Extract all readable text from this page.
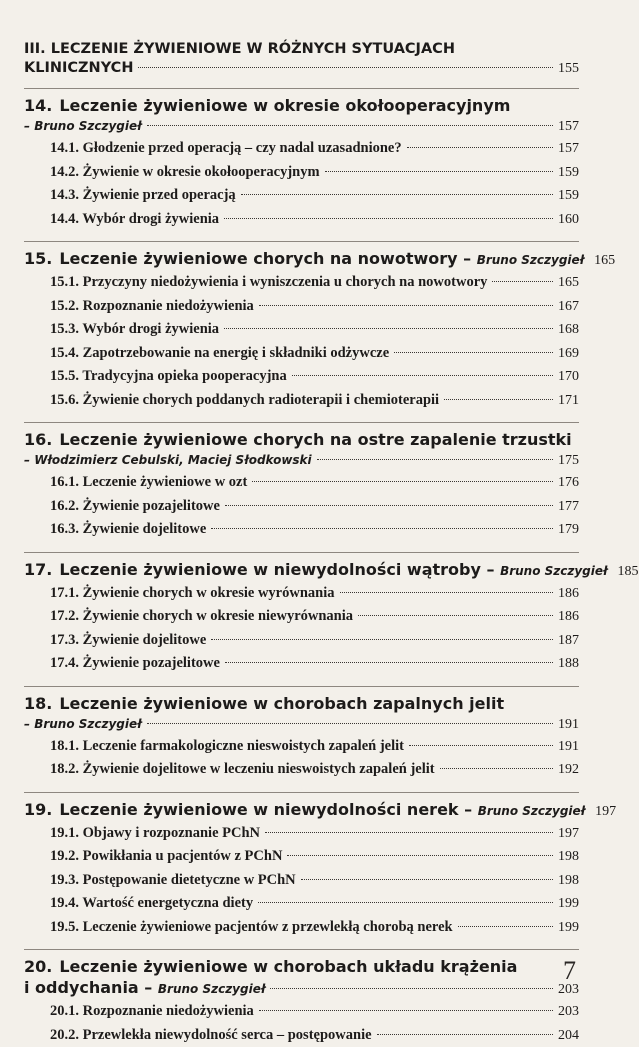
III. LECZENIE ŻYWIENIOWE W RÓŻNYCH SYTUACJACH
KLINICZNYCH	155
14. Leczenie żywieniowe w okresie okołooperacyjnym
– Bruno Szczygieł	157
14.1. Głodzenie przed operacją – czy nadal uzasadnione?	157
14.2. Żywienie w okresie okołooperacyjnym	159
14.3. Żywienie przed operacją	159
14.4. Wybór drogi żywienia	160
15. Leczenie żywieniowe chorych na nowotwory – Bruno Szczygieł 165
15.1. Przyczyny niedożywienia i wyniszczenia u chorych na nowotwory	165
15.2. Rozpoznanie niedożywienia	167
15.3. Wybór drogi żywienia	168
15.4. Zapotrzebowanie na energię i składniki odżywcze	169
15.5. Tradycyjna opieka pooperacyjna	170
15.6. Żywienie chorych poddanych radioterapii i chemioterapii	171
16. Leczenie żywieniowe chorych na ostre zapalenie trzustki
– Włodzimierz Cebulski, Maciej Słodkowski	175
16.1. Leczenie żywieniowe w ozt	176
16.2. Żywienie pozajelitowe	177
16.3. Żywienie dojelitowe	179
17. Leczenie żywieniowe w niewydolności wątroby – Bruno Szczygieł 185
17.1. Żywienie chorych w okresie wyrównania	186
17.2. Żywienie chorych w okresie niewyrównania	186
17.3. Żywienie dojelitowe	187
17.4. Żywienie pozajelitowe	188
18. Leczenie żywieniowe w chorobach zapalnych jelit
– Bruno Szczygieł	191
18.1. Leczenie farmakologiczne nieswoistych zapaleń jelit	191
18.2. Żywienie dojelitowe w leczeniu nieswoistych zapaleń jelit	192
19. Leczenie żywieniowe w niewydolności nerek – Bruno Szczygieł 197
19.1. Objawy i rozpoznanie PChN	197
19.2. Powikłania u pacjentów z PChN	198
19.3. Postępowanie dietetyczne w PChN	198
19.4. Wartość energetyczna diety	199
19.5. Leczenie żywieniowe pacjentów z przewlekłą chorobą nerek	199
20. Leczenie żywieniowe w chorobach układu krążenia
i oddychania – Bruno Szczygieł	203
20.1. Rozpoznanie niedożywienia	203
20.2. Przewlekła niewydolność serca – postępowanie	204
7
